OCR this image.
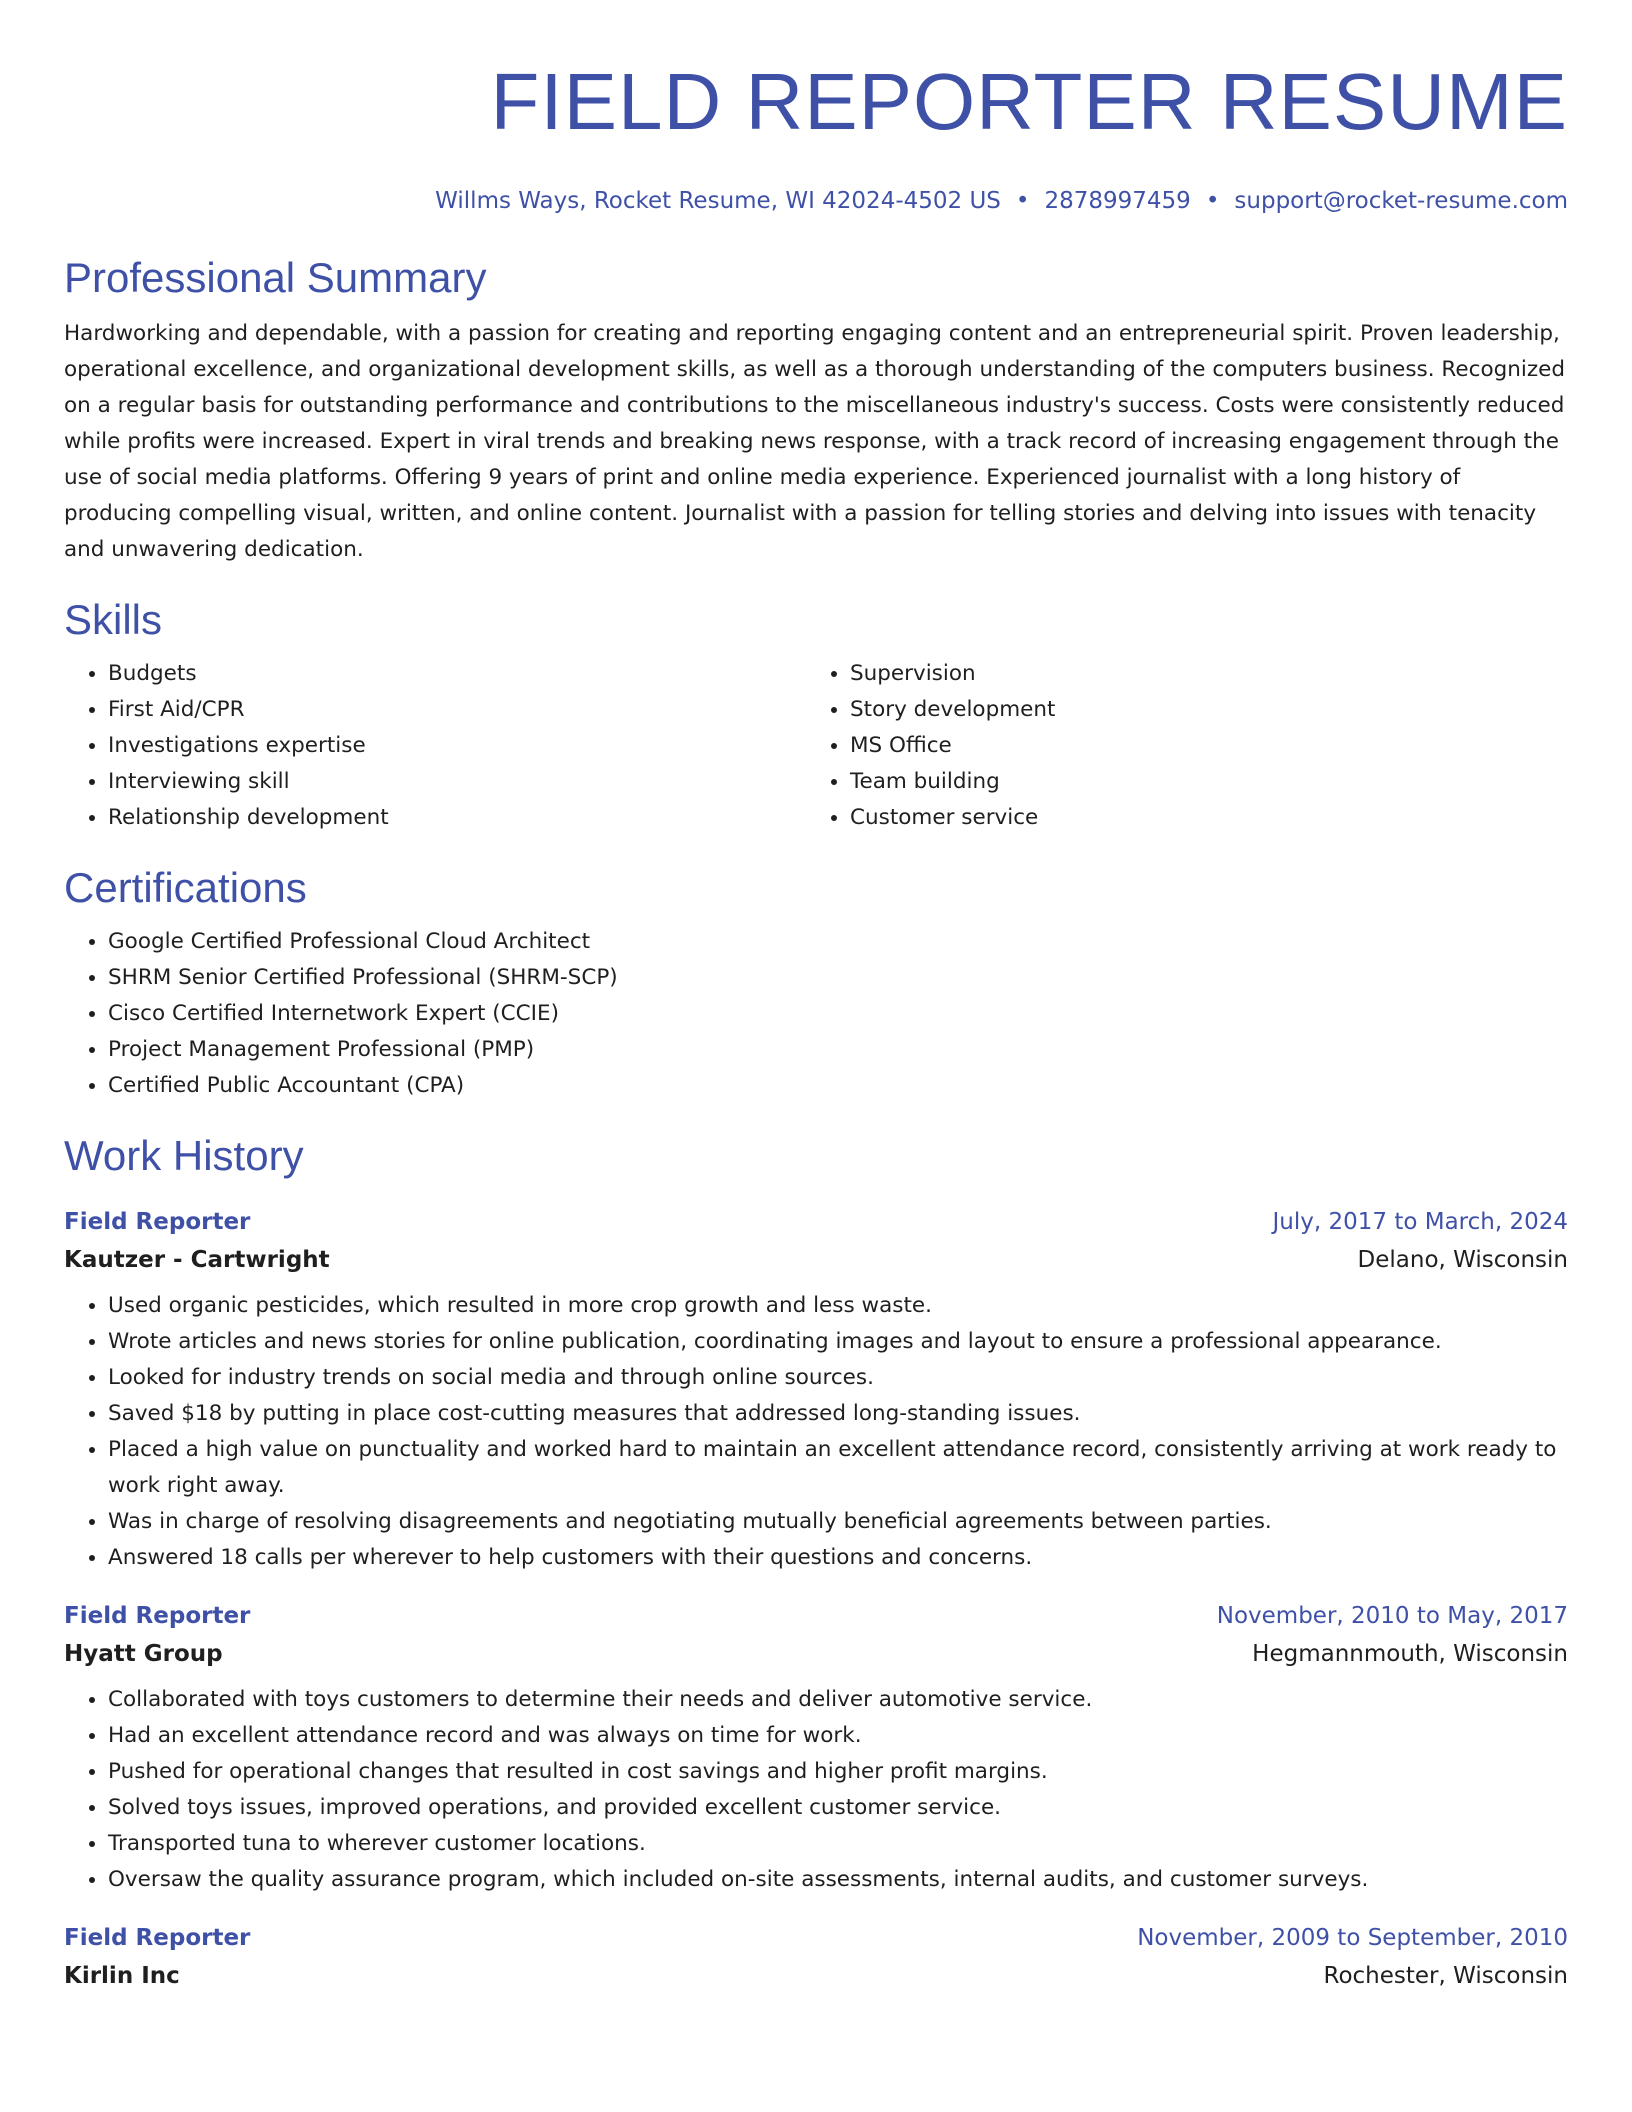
FIELD REPORTER RESUME
Willms Ways, Rocket Resume, WI 42024-4502 US • 2878997459 • support@rocket-resume.com
Professional Summary

Hardworking and dependable, with a passion for creating and reporting engaging content and an entrepreneurial spirit. Proven leadership, operational excellence, and organizational development skills, as well as a thorough understanding of the computers business. Recognized on a regular basis for outstanding performance and contributions to the miscellaneous industry's success. Costs were consistently reduced while profits were increased. Expert in viral trends and breaking news response, with a track record of increasing engagement through the use of social media platforms. Offering 9 years of print and online media experience. Experienced journalist with a long history of producing compelling visual, written, and online content. Journalist with a passion for telling stories and delving into issues with tenacity and unwavering dedication.

Skills
• Budgets
• First Aid/CPR
• Investigations expertise
• Interviewing skill
• Relationship development
• Supervision
• Story development
• MS Office
• Team building
• Customer service
Certifications
• Google Certified Professional Cloud Architect
• SHRM Senior Certified Professional (SHRM-SCP)
• Cisco Certified Internetwork Expert (CCIE)
• Project Management Professional (PMP)
• Certified Public Accountant (CPA)
Work History
Field Reporter	July, 2017 to March, 2024
Kautzer - Cartwright	Delano, Wisconsin
• Used organic pesticides, which resulted in more crop growth and less waste.
• Wrote articles and news stories for online publication, coordinating images and layout to ensure a professional appearance.
• Looked for industry trends on social media and through online sources.
• Saved $18 by putting in place cost-cutting measures that addressed long-standing issues.
• Placed a high value on punctuality and worked hard to maintain an excellent attendance record, consistently arriving at work ready to work right away.
• Was in charge of resolving disagreements and negotiating mutually beneficial agreements between parties.
• Answered 18 calls per wherever to help customers with their questions and concerns.
Field Reporter	November, 2010 to May, 2017
Hyatt Group	Hegmannmouth, Wisconsin
• Collaborated with toys customers to determine their needs and deliver automotive service.
• Had an excellent attendance record and was always on time for work.
• Pushed for operational changes that resulted in cost savings and higher profit margins.
• Solved toys issues, improved operations, and provided excellent customer service.
• Transported tuna to wherever customer locations.
• Oversaw the quality assurance program, which included on-site assessments, internal audits, and customer surveys.
Field Reporter	November, 2009 to September, 2010
Kirlin Inc	Rochester, Wisconsin
